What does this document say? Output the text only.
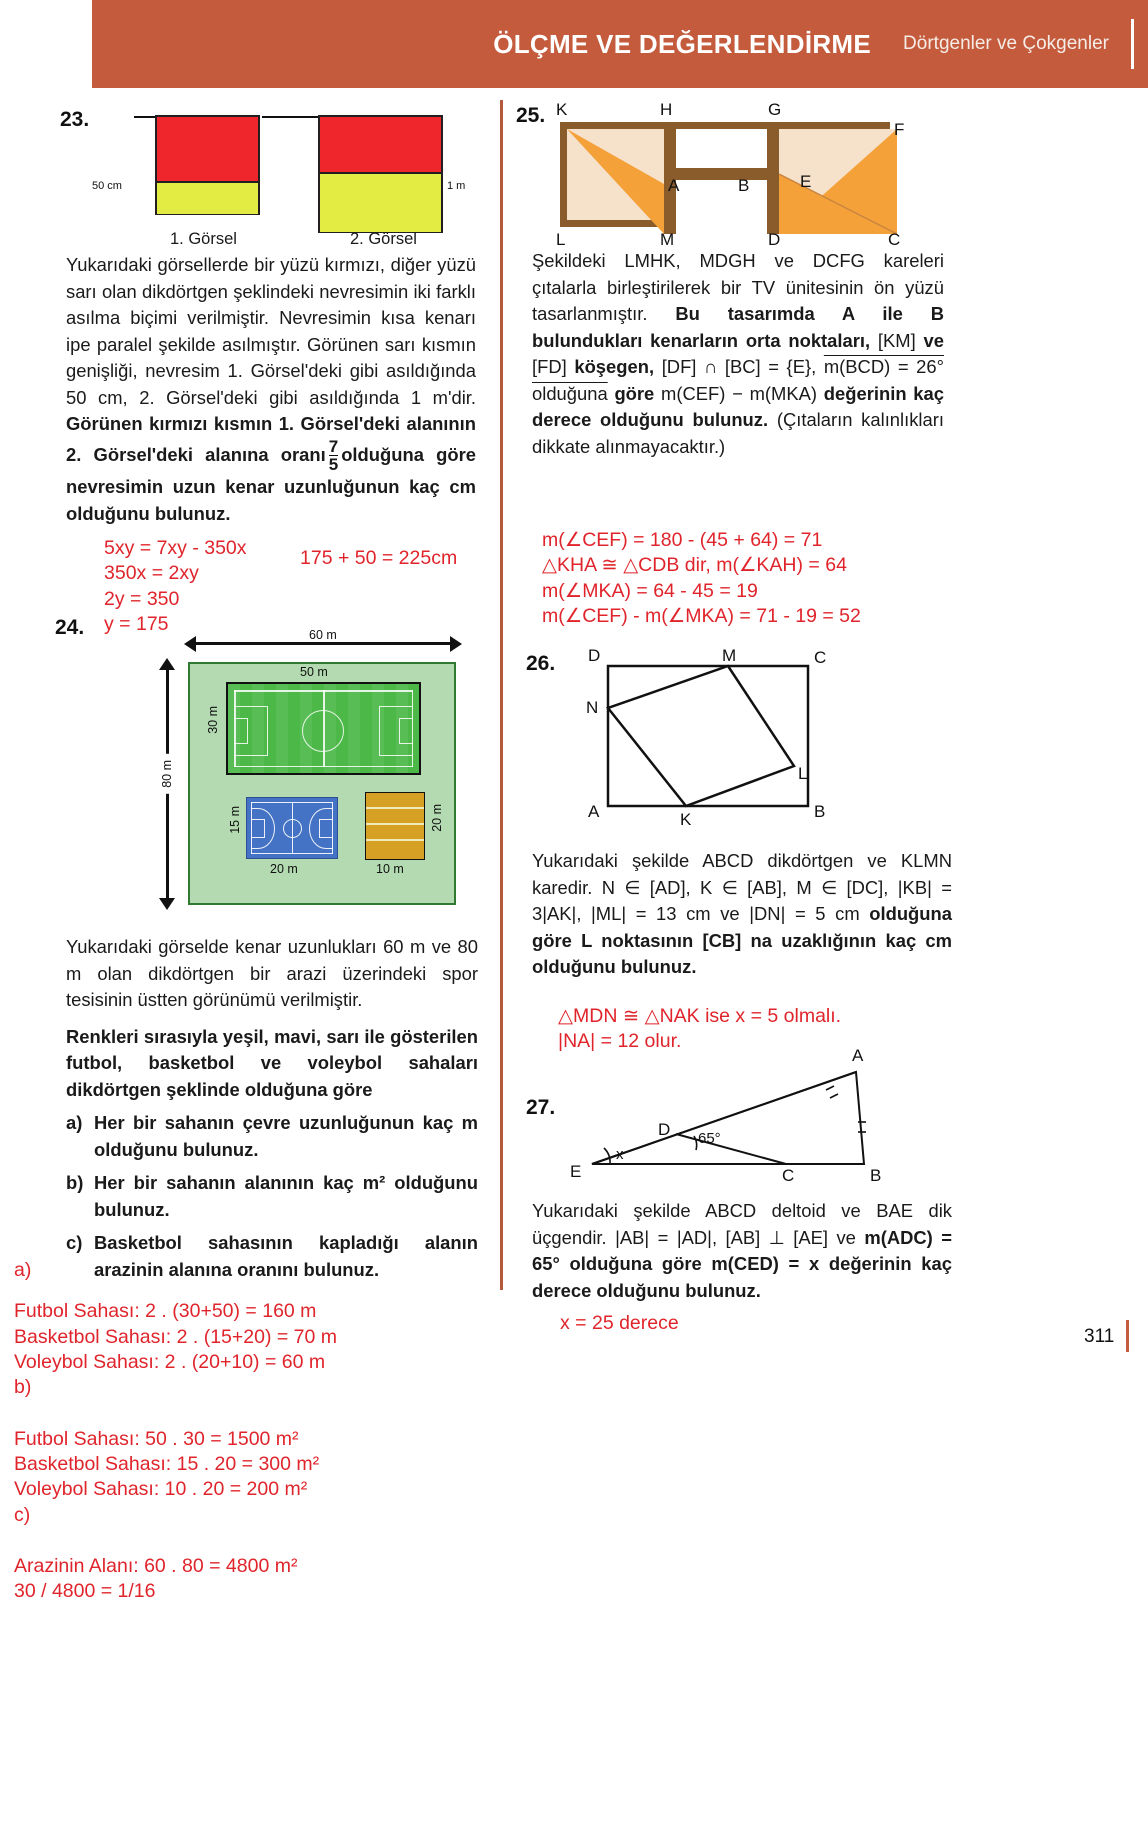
ÖLÇME VE DEĞERLENDİRME Dörtgenler ve Çokgenler
23.
50 cm	1 m
1. Görsel	2. Görsel
Yukarıdaki görsellerde bir yüzü kırmızı, diğer yüzü sarı olan dikdörtgen şeklindeki nevresimin iki farklı asılma biçimi verilmiştir. Nevresimin kısa kenarı ipe paralel şekilde asılmıştır. Görünen sarı kısmın genişliği, nevresim 1. Görsel'deki gibi asıldığında 50 cm, 2. Görsel'deki gibi asıldığında 1 m'dir. Görünen kırmızı kısmın 1. Görsel'deki alanının 2. Görsel'deki alanına oranı $\frac{7}{5}$ olduğuna göre nevresimin uzun kenar uzunluğunun kaç cm olduğunu bulunuz.
5xy = 7xy - 350x
350x = 2xy
2y = 350
y = 175
175 + 50 = 225cm
24.	60 m
80 m
50 m
30 m
15 m
20 m
20 m
10 m
Yukarıdaki görselde kenar uzunlukları 60 m ve 80 m olan dikdörtgen bir arazi üzerindeki spor tesisinin üstten görünümü verilmiştir.
Renkleri sırasıyla yeşil, mavi, sarı ile gösterilen futbol, basketbol ve voleybol sahaları dikdörtgen şeklinde olduğuna göre
a) Her bir sahanın çevre uzunluğunun kaç m olduğunu bulunuz.
b) Her bir sahanın alanının kaç m² olduğunu bulunuz.
c) Basketbol sahasının kapladığı alanın arazinin alanına oranını bulunuz.
a)
Futbol Sahası: 2 . (30+50) = 160 m
Basketbol Sahası: 2 . (15+20) = 70 m
Voleybol Sahası: 2 . (20+10) = 60 m
b)
Futbol Sahası: 50 . 30 = 1500 m²
Basketbol Sahası: 15 . 20 = 300 m²
Voleybol Sahası: 10 . 20 = 200 m²
c)
Arazinin Alanı: 60 . 80 = 4800 m²
30 / 4800 = 1/16
25. K	H	G
F
A	B	E
L	M	D	C
Şekildeki LMHK, MDGH ve DCFG kareleri çıtalarla birleştirilerek bir TV ünitesinin ön yüzü tasarlanmıştır. Bu tasarımda A ile B bulundukları kenarların orta noktaları, [KM] ve [FD] köşegen, [DF] ∩ [BC] = {E}, m(BCD) = 26° olduğuna göre m(CEF) − m(MKA) değerinin kaç derece olduğunu bulunuz. (Çıtaların kalınlıkları dikkate alınmayacaktır.)
m(∠CEF) = 180 - (45 + 64) = 71
△KHA ≅ △CDB dir, m(∠KAH) = 64
m(∠MKA) = 64 - 45 = 19
m(∠CEF) - m(∠MKA) = 71 - 19 = 52
26. D	M	C
N
L
A	K	B
Yukarıdaki şekilde ABCD dikdörtgen ve KLMN karedir. N ∈ [AD], K ∈ [AB], M ∈ [DC], |KB| = 3|AK|, |ML| = 13 cm ve |DN| = 5 cm olduğuna göre L noktasının [CB] na uzaklığının kaç cm olduğunu bulunuz.
△MDN ≅ △NAK ise x = 5 olmalı.
|NA| = 12 olur.
27.
A
D
E	C	B
65°
x
Yukarıdaki şekilde ABCD deltoid ve BAE dik üçgendir. |AB| = |AD|, [AB] ⊥ [AE] ve m(ADC) = 65° olduğuna göre m(CED) = x değerinin kaç derece olduğunu bulunuz.
x = 25 derece
311
